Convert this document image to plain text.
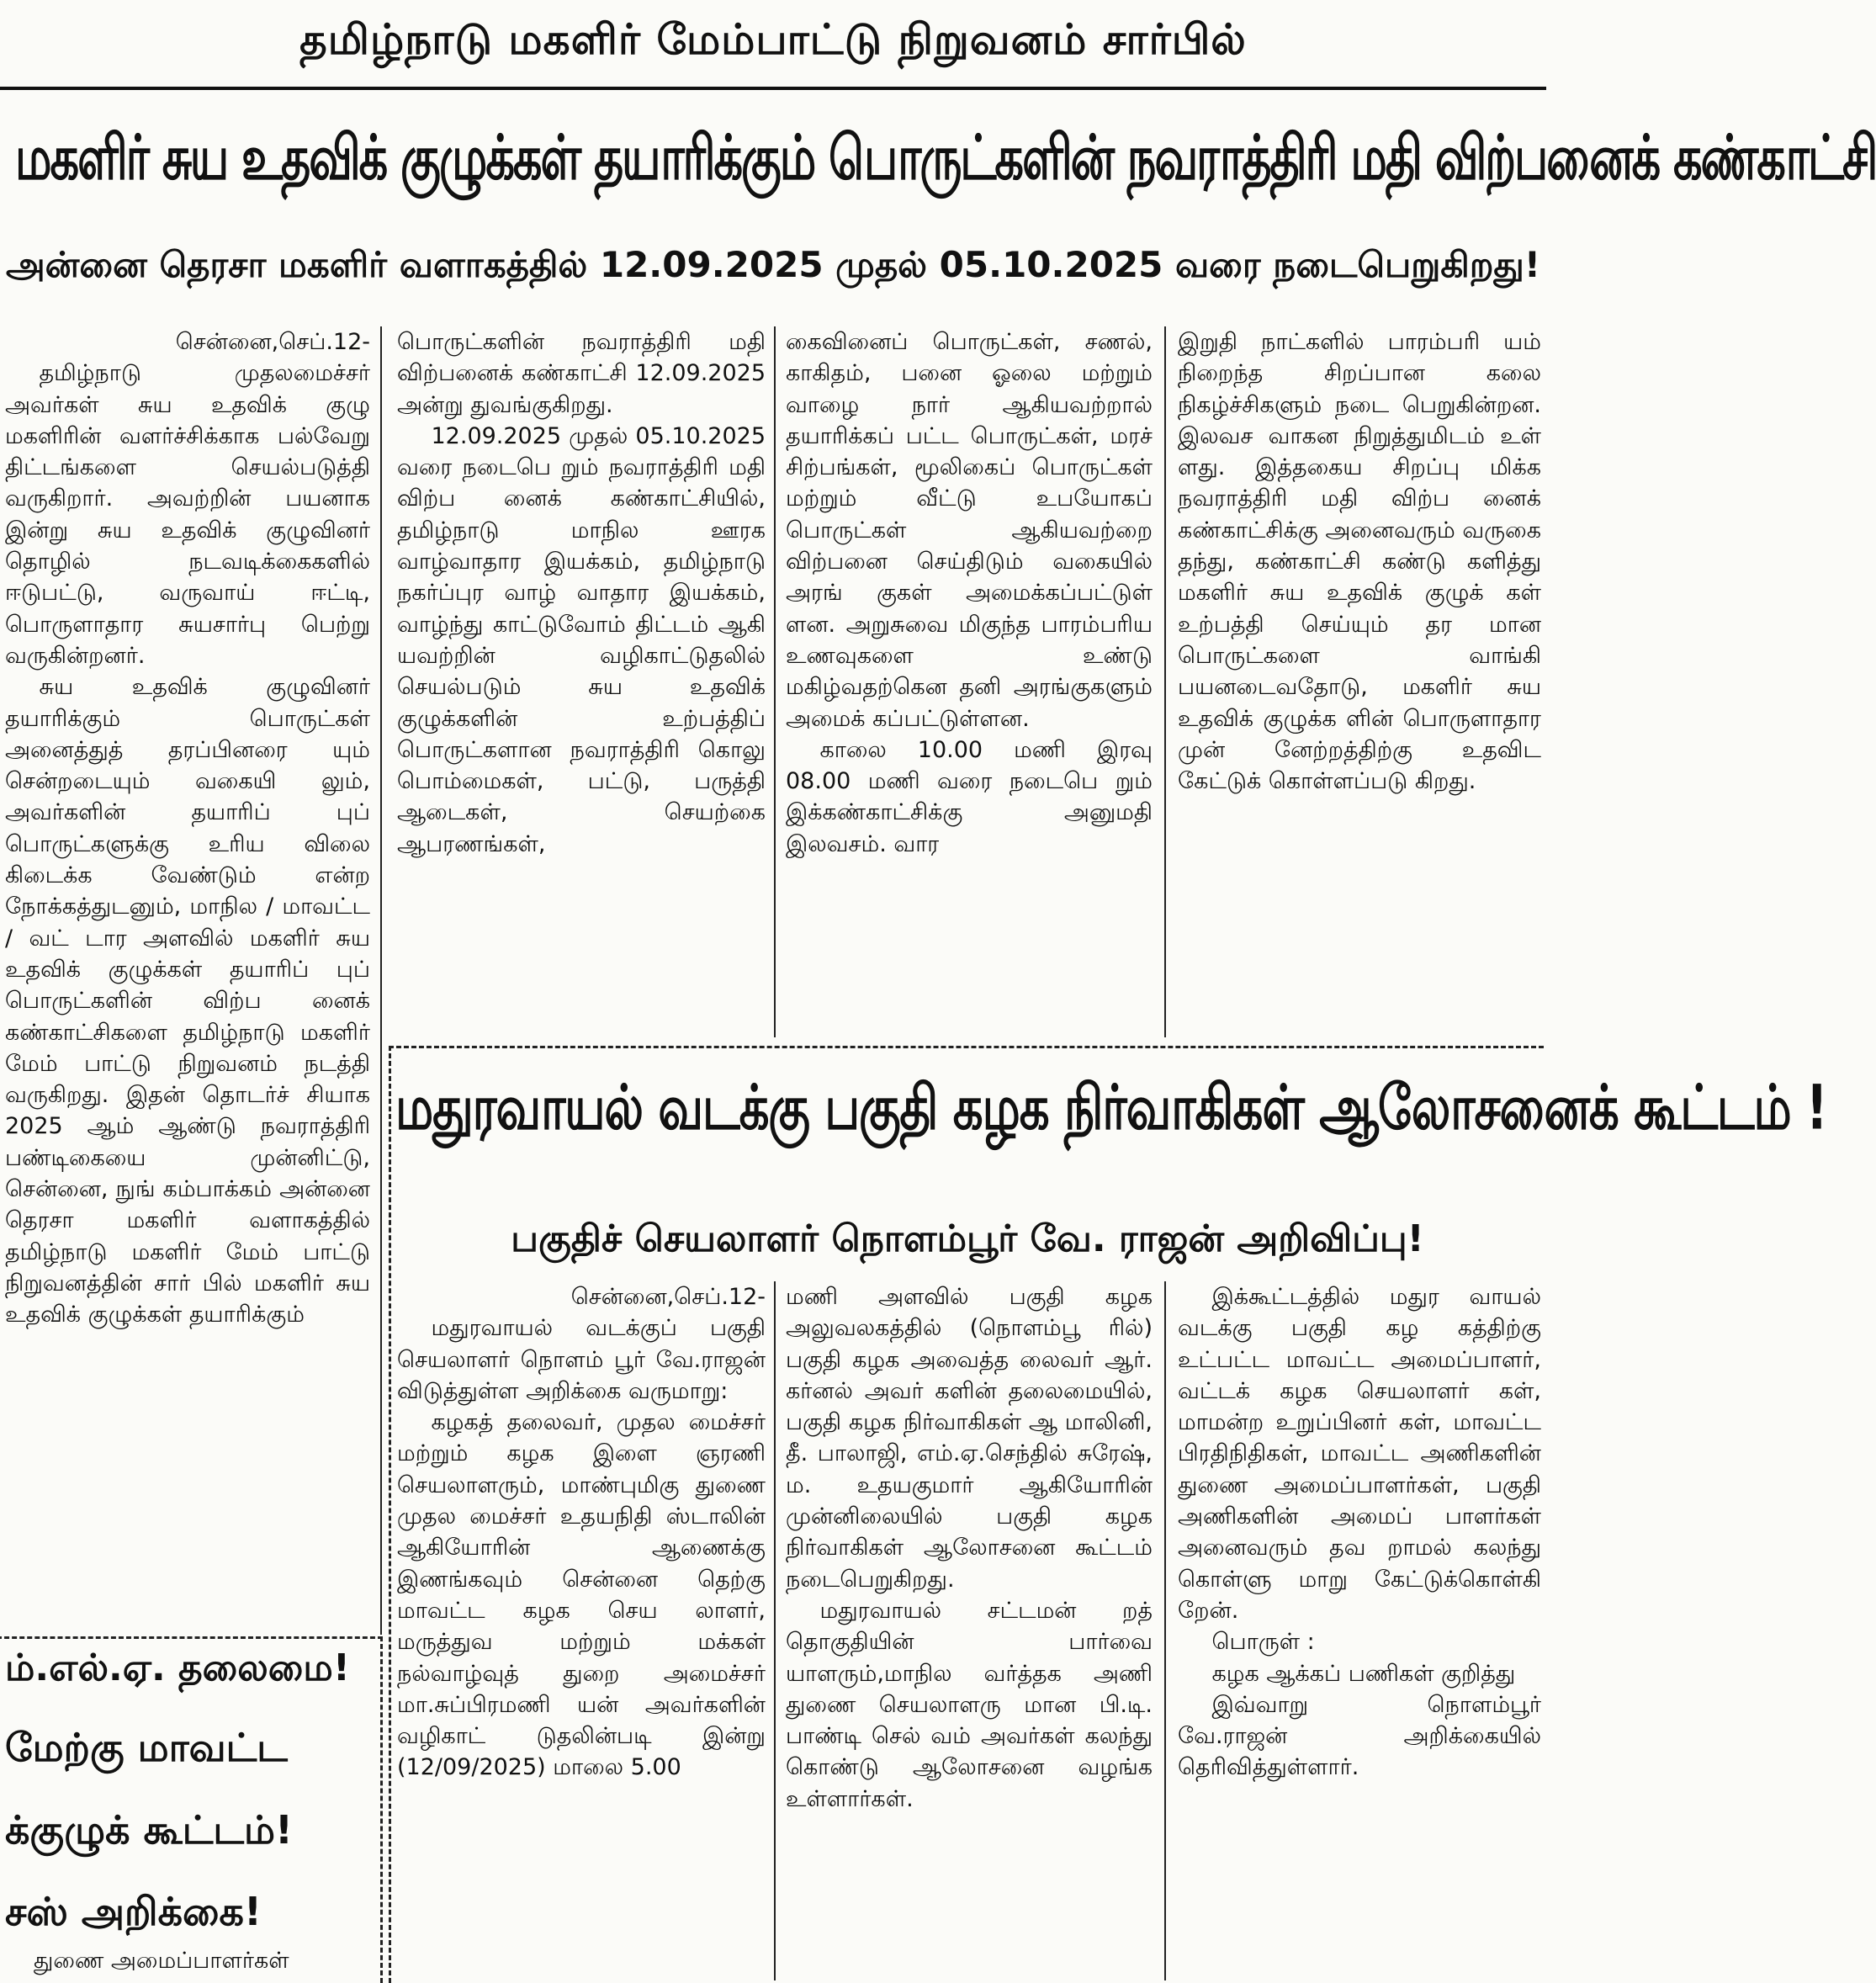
தமிழ்நாடு மகளிர் மேம்பாட்டு நிறுவனம் சார்பில்
மகளிர் சுய உதவிக் குழுக்கள் தயாரிக்கும் பொருட்களின் நவராத்திரி மதி விற்பனைக் கண்காட்சி
அன்னை தெரசா மகளிர் வளாகத்தில் 12.09.2025 முதல் 05.10.2025 வரை நடைபெறுகிறது!

சென்னை,செப்.12-

தமிழ்நாடு முதலமைச்சர் அவர்கள் சுய உதவிக் குழு மகளிரின் வளர்ச்சிக்காக பல்வேறு திட்டங்களை செயல்படுத்தி வருகிறார். அவற்றின் பயனாக இன்று சுய உதவிக் குழுவினர் தொழில் நடவடிக்கைகளில் ஈடுபட்டு, வருவாய் ஈட்டி, பொருளாதார சுயசார்பு பெற்று வருகின்றனர்.

சுய உதவிக் குழுவினர் தயாரிக்கும் பொருட்கள் அனைத்துத் தரப்பினரை யும் சென்றடையும் வகையி லும், அவர்களின் தயாரிப் புப் பொருட்களுக்கு உரிய விலை கிடைக்க வேண்டும் என்ற நோக்கத்துடனும், மாநில / மாவட்ட / வட் டார அளவில் மகளிர் சுய உதவிக் குழுக்கள் தயாரிப் புப் பொருட்களின் விற்ப னைக் கண்காட்சிகளை தமிழ்நாடு மகளிர் மேம் பாட்டு நிறுவனம் நடத்தி வருகிறது. இதன் தொடர்ச் சியாக 2025 ஆம் ஆண்டு நவராத்திரி பண்டிகையை முன்னிட்டு, சென்னை, நுங் கம்பாக்கம் அன்னை தெரசா மகளிர் வளாகத்தில் தமிழ்நாடு மகளிர் மேம் பாட்டு நிறுவனத்தின் சார் பில் மகளிர் சுய உதவிக் குழுக்கள் தயாரிக்கும்

பொருட்களின் நவராத்திரி மதி விற்பனைக் கண்காட்சி 12.09.2025 அன்று துவங்குகிறது.

12.09.2025 முதல் 05.10.2025 வரை நடைபெ றும் நவராத்திரி மதி விற்ப னைக் கண்காட்சியில், தமிழ்நாடு மாநில ஊரக வாழ்வாதார இயக்கம், தமிழ்நாடு நகர்ப்புர வாழ் வாதார இயக்கம், வாழ்ந்து காட்டுவோம் திட்டம் ஆகி யவற்றின் வழிகாட்டுதலில் செயல்படும் சுய உதவிக் குழுக்களின் உற்பத்திப் பொருட்களான நவராத்திரி கொலு பொம்மைகள், பட்டு, பருத்தி ஆடைகள், செயற்கை ஆபரணங்கள்,

கைவினைப் பொருட்கள், சணல், காகிதம், பனை ஓலை மற்றும் வாழை நார் ஆகியவற்றால் தயாரிக்கப் பட்ட பொருட்கள், மரச் சிற்பங்கள், மூலிகைப் பொருட்கள் மற்றும் வீட்டு உபயோகப் பொருட்கள் ஆகியவற்றை விற்பனை செய்திடும் வகையில் அரங் குகள் அமைக்கப்பட்டுள் ளன. அறுசுவை மிகுந்த பாரம்பரிய உணவுகளை உண்டு மகிழ்வதற்கென தனி அரங்குகளும் அமைக் கப்பட்டுள்ளன.

காலை 10.00 மணி இரவு 08.00 மணி வரை நடைபெ றும் இக்கண்காட்சிக்கு அனுமதி இலவசம். வார

இறுதி நாட்களில் பாரம்பரி யம் நிறைந்த சிறப்பான கலை நிகழ்ச்சிகளும் நடை பெறுகின்றன. இலவச வாகன நிறுத்துமிடம் உள் ளது. இத்தகைய சிறப்பு மிக்க நவராத்திரி மதி விற்ப னைக் கண்காட்சிக்கு அனைவரும் வருகை தந்து, கண்காட்சி கண்டு களித்து மகளிர் சுய உதவிக் குழுக் கள் உற்பத்தி செய்யும் தர மான பொருட்களை வாங்கி பயனடைவதோடு, மகளிர் சுய உதவிக் குழுக்க ளின் பொருளாதார முன் னேற்றத்திற்கு உதவிட கேட்டுக் கொள்ளப்படு கிறது.

மதுரவாயல் வடக்கு பகுதி கழக நிர்வாகிகள் ஆலோசனைக் கூட்டம் !
பகுதிச் செயலாளர் நொளம்பூர் வே. ராஜன் அறிவிப்பு!

சென்னை,செப்.12-

மதுரவாயல் வடக்குப் பகுதி செயலாளர் நொளம் பூர் வே.ராஜன் விடுத்துள்ள அறிக்கை வருமாறு:

கழகத் தலைவர், முதல மைச்சர் மற்றும் கழக இளை ஞரணி செயலாளரும், மாண்புமிகு துணை முதல மைச்சர் உதயநிதி ஸ்டாலின் ஆகியோரின் ஆணைக்கு இணங்கவும் சென்னை தெற்கு மாவட்ட கழக செய லாளர், மருத்துவ மற்றும் மக்கள் நல்வாழ்வுத் துறை அமைச்சர் மா.சுப்பிரமணி யன் அவர்களின் வழிகாட் டுதலின்படி இன்று (12/09/2025) மாலை 5.00

மணி அளவில் பகுதி கழக அலுவலகத்தில் (நொளம்பூ ரில்) பகுதி கழக அவைத்த லைவர் ஆர். கர்னல் அவர் களின் தலைமையில், பகுதி கழக நிர்வாகிகள் ஆ மாலினி, தீ. பாலாஜி, எம்.ஏ.செந்தில் சுரேஷ், ம. உதயகுமார் ஆகியோரின் முன்னிலையில் பகுதி கழக நிர்வாகிகள் ஆலோசனை கூட்டம் நடைபெறுகிறது.

மதுரவாயல் சட்டமன் றத் தொகுதியின் பார்வை யாளரும்,மாநில வர்த்தக அணி துணை செயலாளரு மான பி.டி. பாண்டி செல் வம் அவர்கள் கலந்து கொண்டு ஆலோசனை வழங்க உள்ளார்கள்.

இக்கூட்டத்தில் மதுர வாயல் வடக்கு பகுதி கழ கத்திற்கு உட்பட்ட மாவட்ட அமைப்பாளர், வட்டக் கழக செயலாளர் கள், மாமன்ற உறுப்பினர் கள், மாவட்ட பிரதிநிதிகள், மாவட்ட அணிகளின் துணை அமைப்பாளர்கள், பகுதி அணிகளின் அமைப் பாளர்கள் அனைவரும் தவ றாமல் கலந்து கொள்ளு மாறு கேட்டுக்கொள்கி றேன்.

பொருள் :

கழக ஆக்கப் பணிகள் குறித்து

இவ்வாறு நொளம்பூர் வே.ராஜன் அறிக்கையில் தெரிவித்துள்ளார்.

ம்.எல்.ஏ. தலைமை!
மேற்கு மாவட்ட
க்குழுக் கூட்டம்!
சஸ் அறிக்கை!
துணை அமைப்பாளர்கள்
